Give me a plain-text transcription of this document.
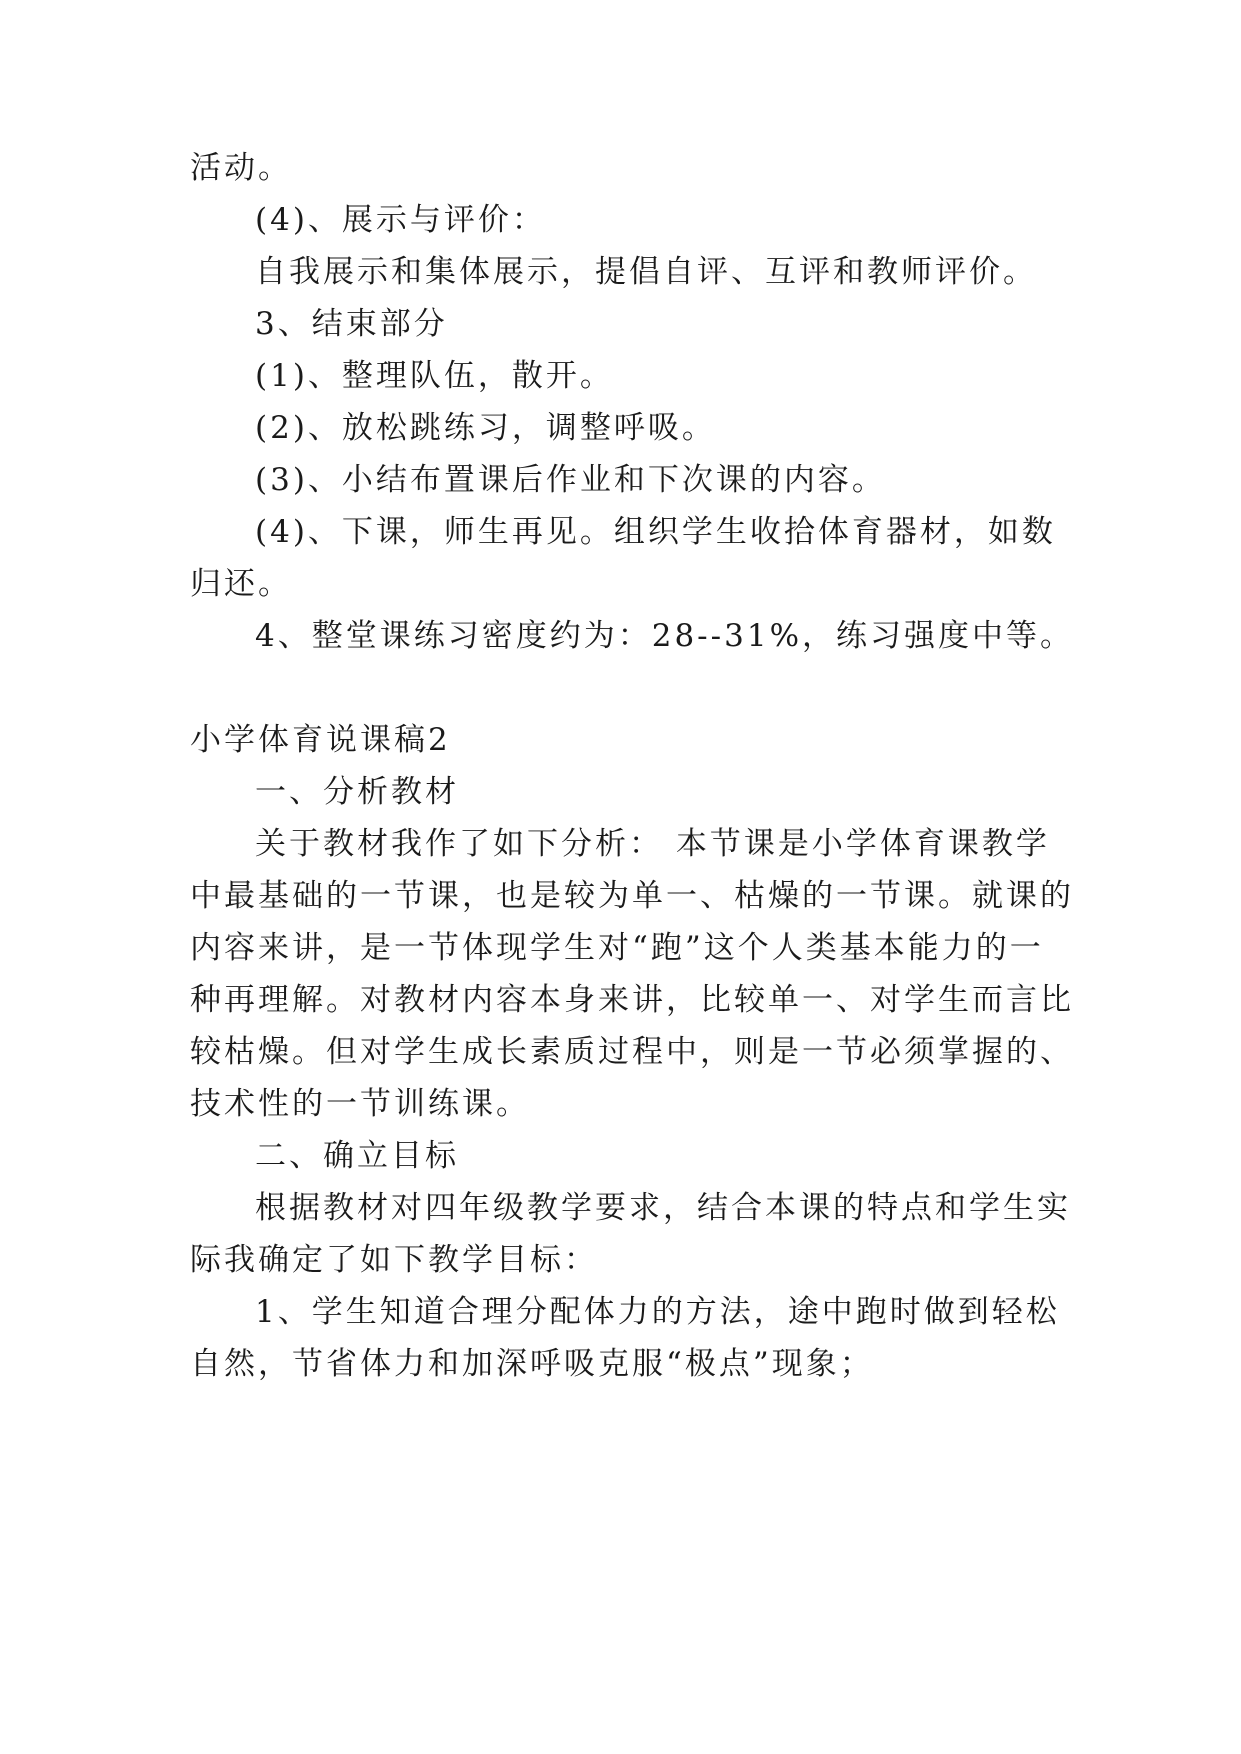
活动。
(4)、展示与评价：
自我展示和集体展示，提倡自评、互评和教师评价。
3、结束部分
(1)、整理队伍，散开。
(2)、放松跳练习，调整呼吸。
(3)、小结布置课后作业和下次课的内容。
(4)、下课，师生再见。组织学生收拾体育器材，如数
归还。
4、整堂课练习密度约为：28--31%，练习强度中等。
小学体育说课稿2
一、分析教材
关于教材我作了如下分析： 本节课是小学体育课教学
中最基础的一节课，也是较为单一、枯燥的一节课。就课的
内容来讲，是一节体现学生对“跑”这个人类基本能力的一
种再理解。对教材内容本身来讲，比较单一、对学生而言比
较枯燥。但对学生成长素质过程中，则是一节必须掌握的、
技术性的一节训练课。
二、确立目标
根据教材对四年级教学要求，结合本课的特点和学生实
际我确定了如下教学目标：
1、学生知道合理分配体力的方法，途中跑时做到轻松
自然，节省体力和加深呼吸克服“极点”现象；
